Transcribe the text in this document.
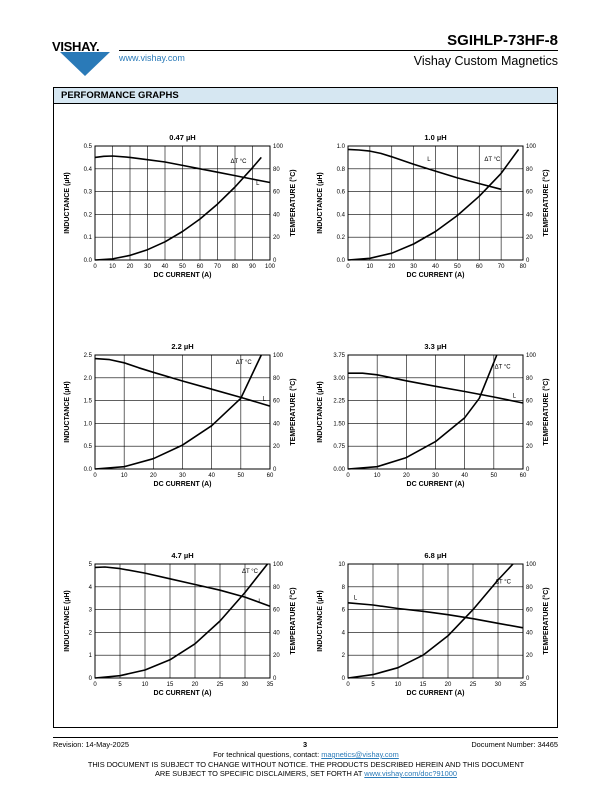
VISHAY.
www.vishay.com
SGIHLP-73HF-8
Vishay Custom Magnetics
PERFORMANCE GRAPHS
0.47 µH
0 10 20 30 40 50 60 70 80 90 100
0.0
0.1
0.2
0.3
0.4
0.5
0
20
40
60
80
100
DC CURRENT (A)
INDUCTANCE (µH)	TEMPERATURE (°C)
ΔT °C
L
1.0 µH
0	10	20	30	40	50	60	70	80
0.0
0.2
0.4
0.6
0.8
1.0
0
20
40
60
80
100
DC CURRENT (A)
INDUCTANCE (µH)	TEMPERATURE (°C)
ΔT °C
L
2.2 µH
0	10	20	30	40	50	60
0.0
0.5
1.0
1.5
2.0
2.5
0
20
40
60
80
100
DC CURRENT (A)
INDUCTANCE (µH)	TEMPERATURE (°C)
ΔT °C
L
3.3 µH
0	10	20	30	40	50	60
0.00
0.75
1.50
2.25
3.00
3.75
0
20
40
60
80
100
DC CURRENT (A)
INDUCTANCE (µH)	TEMPERATURE (°C)
ΔT °C
L
4.7 µH
0	5	10	15	20	25	30	35
0
1
2
3
4
5
0
20
40
60
80
100
DC CURRENT (A)
INDUCTANCE (µH)	TEMPERATURE (°C)
ΔT °C
L
6.8 µH
0	5	10	15	20	25	30	35
0
2
4
6
8
10
0
20
40
60
80
100
DC CURRENT (A)
INDUCTANCE (µH)	TEMPERATURE (°C)
ΔT °C
L
Revision: 14-May-2025	3	Document Number: 34465
For technical questions, contact: magnetics@vishay.com
THIS DOCUMENT IS SUBJECT TO CHANGE WITHOUT NOTICE. THE PRODUCTS DESCRIBED HEREIN AND THIS DOCUMENT
ARE SUBJECT TO SPECIFIC DISCLAIMERS, SET FORTH AT www.vishay.com/doc?91000
